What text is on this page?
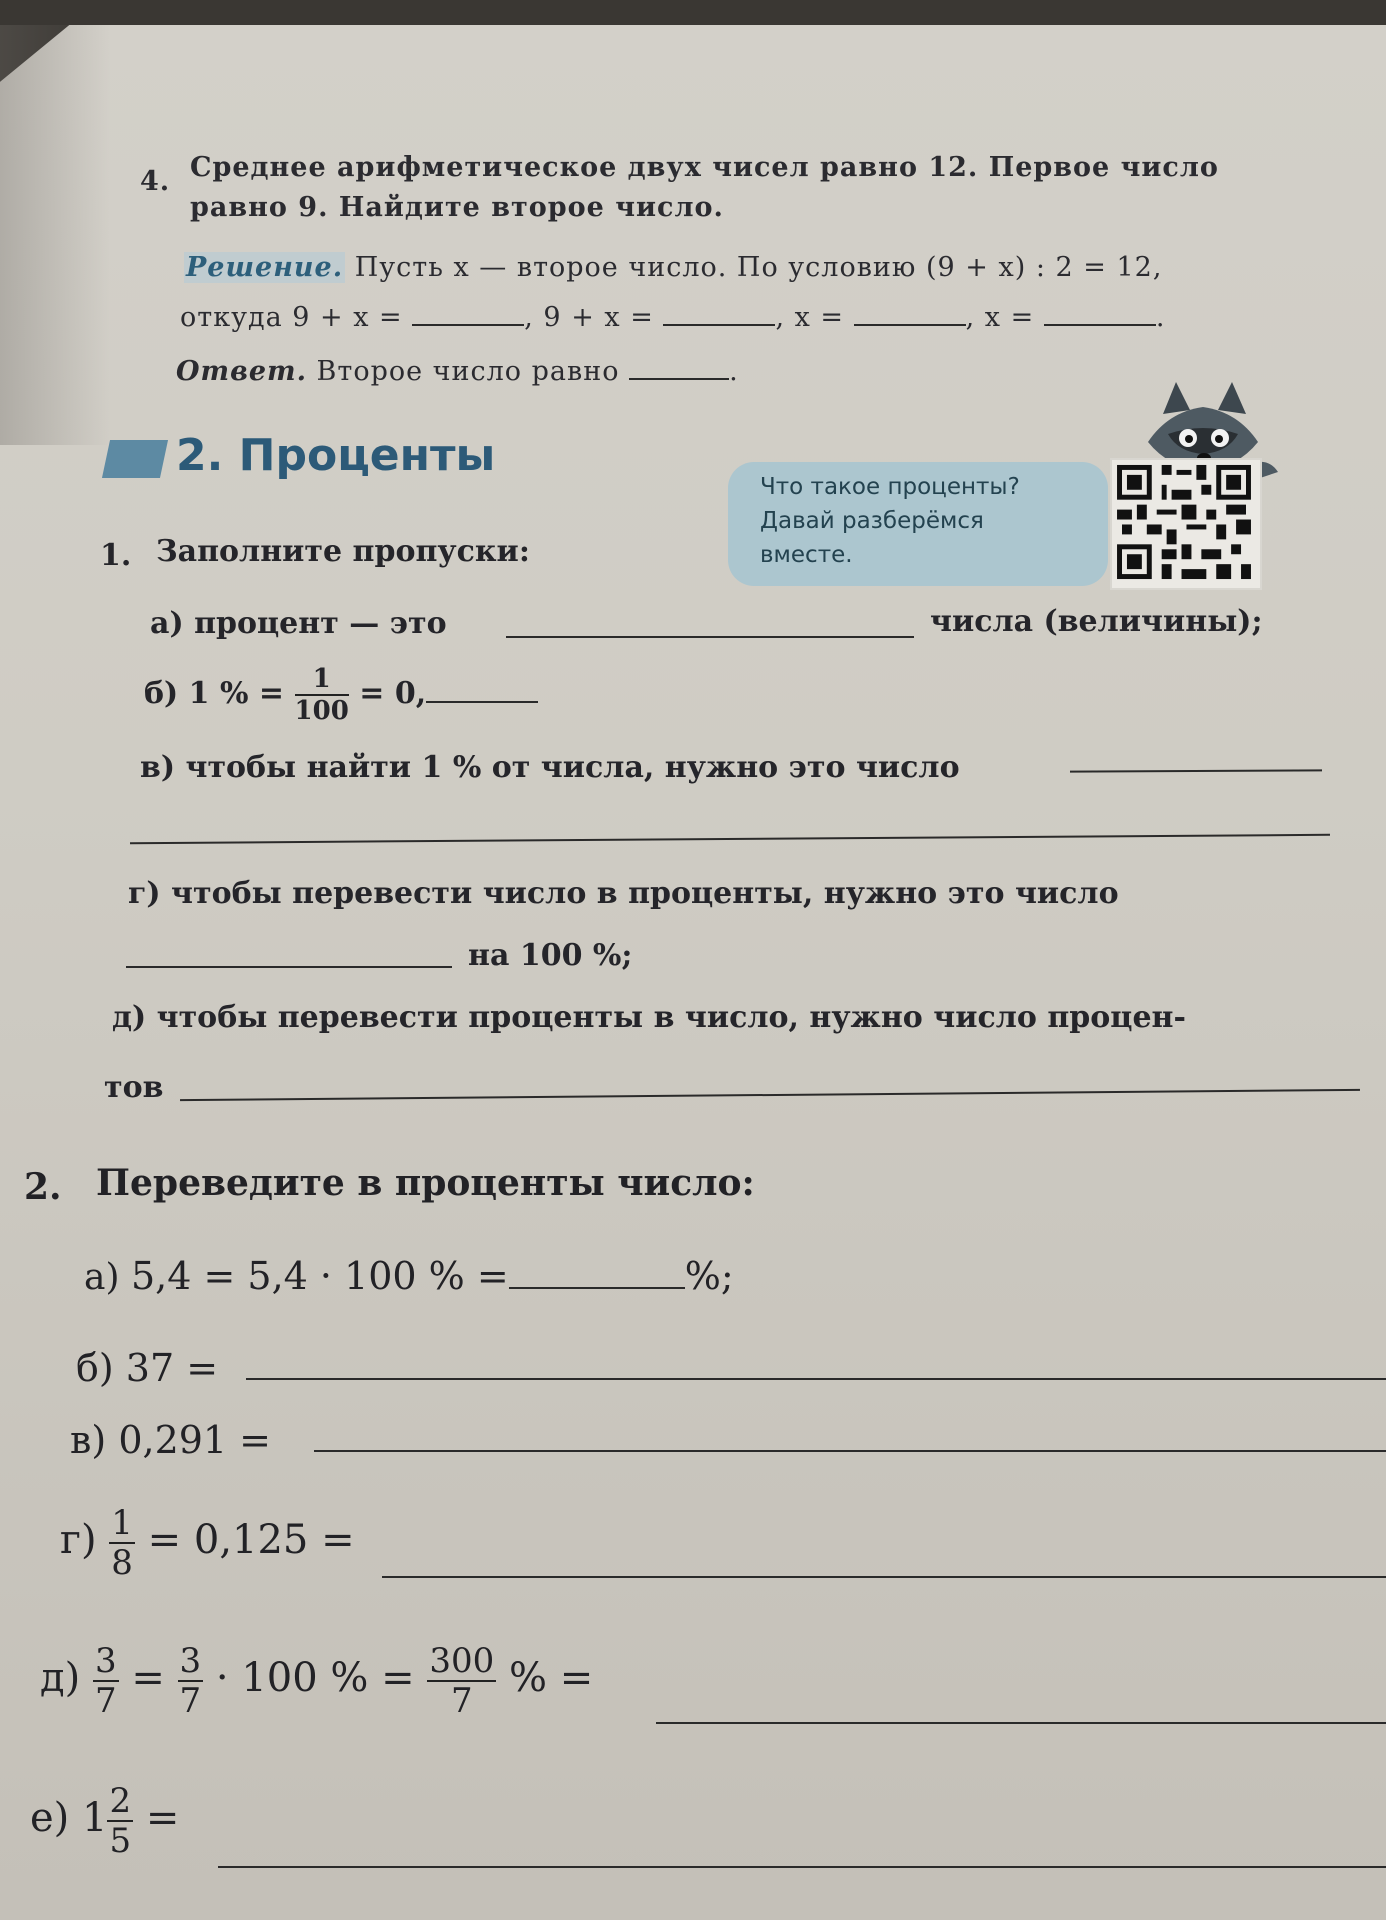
4. Среднее арифметическое двух чисел равно 12. Первое число
равно 9. Найдите второе число.
Решение. Пусть x — второе число. По условию (9 + x) : 2 = 12,
откуда 9 + x =	, 9 + x =	, x =	, x =	.
Ответ. Второе число равно	.
2. Проценты
Что такое проценты?
Давай разберёмся
вместе.
1. Заполните пропуски:
а) процент — это	числа (величины);
б) 1 % = $\frac{1}{100} = 0$,
в) чтобы найти 1 % от числа, нужно это число
г) чтобы перевести число в проценты, нужно это число
на 100 %;
д) чтобы перевести проценты в число, нужно число процен-
тов
2. Переведите в проценты число:
а) 5,4 = 5,4 · 100 % =	%;
б) 37 =
в) 0,291 =
$г) \frac{1}{8} = 0,125$ =
$д) \frac{3}{7} = \frac{3}{7} \cdot 100$ % = $\frac{300}{7}$ % =
е) $1 \frac{2}{5}$ =
